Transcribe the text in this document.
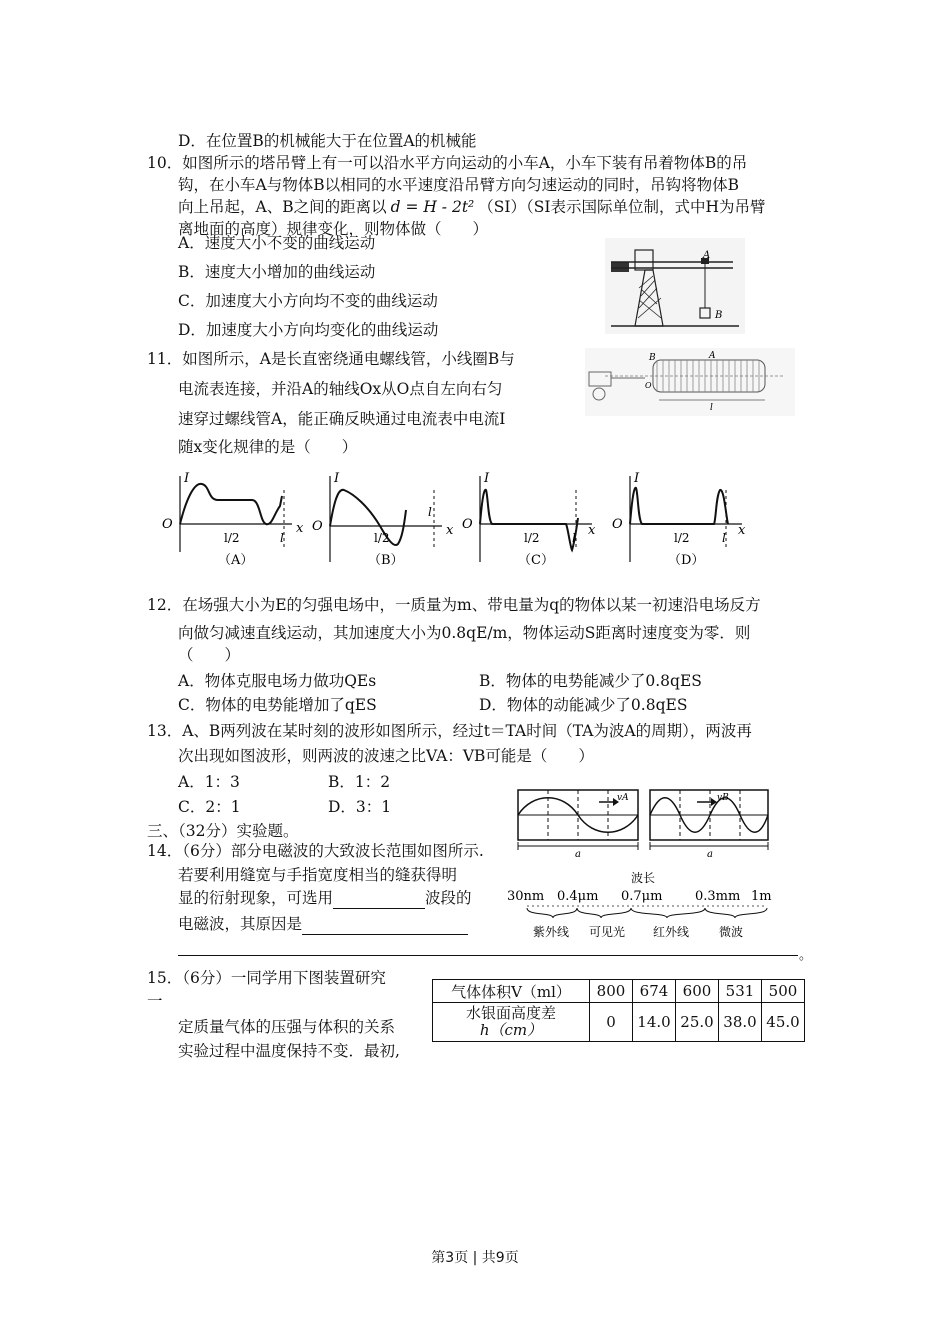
D．在位置B的机械能大于在位置A的机械能
10．如图所示的塔吊臂上有一可以沿水平方向运动的小车A，小车下装有吊着物体B的吊
钩，在小车A与物体B以相同的水平速度沿吊臂方向匀速运动的同时，吊钩将物体B
向上吊起，A、B之间的距离以 d = H - 2t² （SI）（SI表示国际单位制，式中H为吊臂
离地面的高度）规律变化，则物体做（　　）
A．速度大小不变的曲线运动
B．速度大小增加的曲线运动
C．加速度大小方向均不变的曲线运动
D．加速度大小方向均变化的曲线运动
A
B
11．如图所示，A是长直密绕通电螺线管，小线圈B与
电流表连接，并沿A的轴线Ox从O点自左向右匀
速穿过螺线管A，能正确反映通过电流表中电流I
随x变化规律的是（　　）
B	A
O
l
I
O	x
l/2	l
（A）
I
O
l
x
l/2
（B）
I
O	x
l/2	l
（C）
I
O	x
l/2	l
（D）
12．在场强大小为E的匀强电场中，一质量为m、带电量为q的物体以某一初速沿电场反方
向做匀减速直线运动，其加速度大小为0.8qE/m，物体运动S距离时速度变为零．则
（　　）
A．物体克服电场力做功QEs	B．物体的电势能减少了0.8qES
C．物体的电势能增加了qES	D．物体的动能减少了0.8qES
13．A、B两列波在某时刻的波形如图所示，经过t＝TA时间（TA为波A的周期），两波再
次出现如图波形，则两波的波速之比VA：VB可能是（　　）
A．1：3	B．1：2
C．2：1	D．3：1	vA
a
vB
a
三、（32分）实验题。
14．（6分）部分电磁波的大致波长范围如图所示.
若要利用缝宽与手指宽度相当的缝获得明
显的衍射现象，可选用	波段的
电磁波，其原因是
。
波长
30nm 0.4μm 0.7μm	0.3mm 1m
紫外线 可见光 红外线 微波
15．（6分）一同学用下图装置研究
一
定质量气体的压强与体积的关系
实验过程中温度保持不变．最初,
气体体积V（ml）	800	674	600	531	500

水银面高度差
h（cm）	0	14.0	25.0	38.0	45.0
第3页 | 共9页
